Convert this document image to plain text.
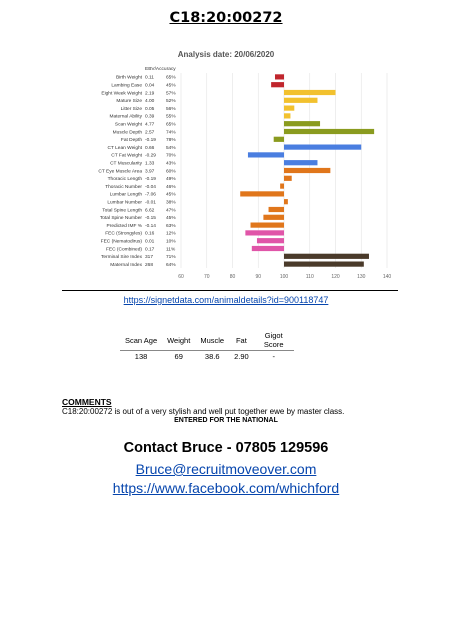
C18:20:00272
Analysis date: 20/06/2020
EBV/Accuracy
60	70	80	90	100	110	120	130	140
Birth Weight 0.11	65%
Lambing Ease 0.04 45%
Eight Week Weight 2.19 57%
Mature Size 4.00 52%
Litter Size 0.05 56%
Maternal Ability 0.39 55%
Scan Weight 4.77 65%
Muscle Depth 2.57 74%
Fat Depth -0.19 78%
CT Lean Weight 0.66 54%
CT Fat Weight -0.29 70%
CT Muscularity 1.33 43%
CT Eye Muscle Area 3.97 60%
Thoracic Length -0.19 49%
Thoracic Number -0.04 46%
Lumbar Length -7.06 45%
Lumbar Number -0.01 38%
Total Spine Length 6.62 47%
Total Spine Number -0.15 45%
Predicted IMF % -0.14 63%
FEC (Strongyles) 0.16 12%
FEC (Nematodirus) 0.01 10%
FEC (Combined) 0.17 11%
Terminal Sire Index 317	71%
Maternal Index 268	64%
https://signetdata.com/animaldetails?id=900118747
Scan Age	Weight	Muscle	Fat	Gigot Score
138	69	38.6	2.90	-
COMMENTS
C18:20:00272 is out of a very stylish and well put together ewe by master class.
ENTERED FOR THE NATIONAL
Contact Bruce - 07805 129596
Bruce@recruitmoveover.com
https://www.facebook.com/whichford
